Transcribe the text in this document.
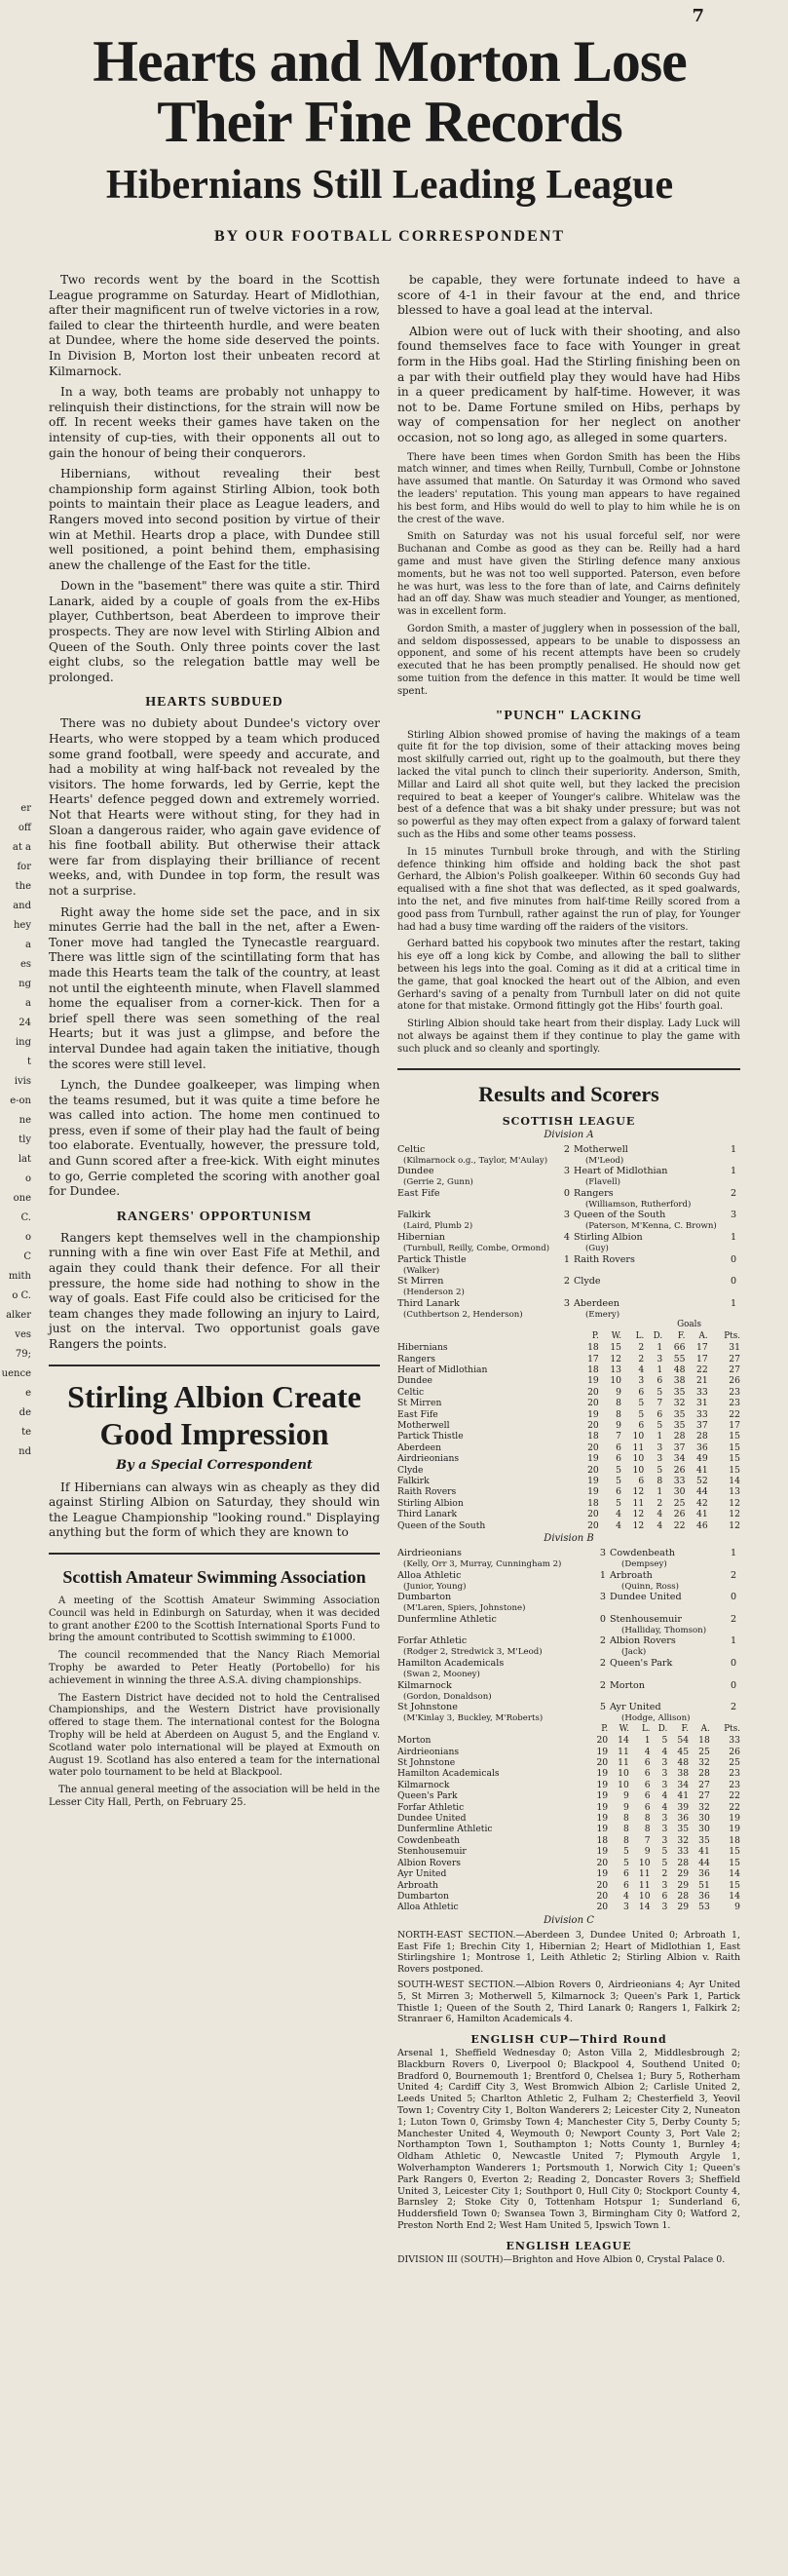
7
er
off
at a
for
the
and
hey
a
es
ng
a
24
ing
t
ivis
e-on
ne
tly
lat
o
one
C.
o
C
mith
o C.
alker
ves
79;
uence
e
de
te
nd
Hearts and Morton Lose Their Fine Records
Hibernians Still Leading League
BY OUR FOOTBALL CORRESPONDENT

Two records went by the board in the Scottish League programme on Saturday. Heart of Midlothian, after their magnificent run of twelve victories in a row, failed to clear the thirteenth hurdle, and were beaten at Dundee, where the home side deserved the points. In Division B, Morton lost their unbeaten record at Kilmarnock.

In a way, both teams are probably not unhappy to relinquish their distinctions, for the strain will now be off. In recent weeks their games have taken on the intensity of cup-ties, with their opponents all out to gain the honour of being their conquerors.

Hibernians, without revealing their best championship form against Stirling Albion, took both points to maintain their place as League leaders, and Rangers moved into second position by virtue of their win at Methil. Hearts drop a place, with Dundee still well positioned, a point behind them, emphasising anew the challenge of the East for the title.

Down in the "basement" there was quite a stir. Third Lanark, aided by a couple of goals from the ex-Hibs player, Cuthbertson, beat Aberdeen to improve their prospects. They are now level with Stirling Albion and Queen of the South. Only three points cover the last eight clubs, so the relegation battle may well be prolonged.

HEARTS SUBDUED

There was no dubiety about Dundee's victory over Hearts, who were stopped by a team which produced some grand football, were speedy and accurate, and had a mobility at wing half-back not revealed by the visitors. The home forwards, led by Gerrie, kept the Hearts' defence pegged down and extremely worried. Not that Hearts were without sting, for they had in Sloan a dangerous raider, who again gave evidence of his fine football ability. But otherwise their attack were far from displaying their brilliance of recent weeks, and, with Dundee in top form, the result was not a surprise.

Right away the home side set the pace, and in six minutes Gerrie had the ball in the net, after a Ewen-Toner move had tangled the Tynecastle rearguard. There was little sign of the scintillating form that has made this Hearts team the talk of the country, at least not until the eighteenth minute, when Flavell slammed home the equaliser from a corner-kick. Then for a brief spell there was seen something of the real Hearts; but it was just a glimpse, and before the interval Dundee had again taken the initiative, though the scores were still level.

Lynch, the Dundee goalkeeper, was limping when the teams resumed, but it was quite a time before he was called into action. The home men continued to press, even if some of their play had the fault of being too elaborate. Eventually, however, the pressure told, and Gunn scored after a free-kick. With eight minutes to go, Gerrie completed the scoring with another goal for Dundee.

RANGERS' OPPORTUNISM

Rangers kept themselves well in the championship running with a fine win over East Fife at Methil, and again they could thank their defence. For all their pressure, the home side had nothing to show in the way of goals. East Fife could also be criticised for the team changes they made following an injury to Laird, just on the interval. Two opportunist goals gave Rangers the points.

Stirling Albion Create Good Impression
By a Special Correspondent

If Hibernians can always win as cheaply as they did against Stirling Albion on Saturday, they should win the League Championship "looking round." Displaying anything but the form of which they are known to

Scottish Amateur Swimming Association

A meeting of the Scottish Amateur Swimming Association Council was held in Edinburgh on Saturday, when it was decided to grant another £200 to the Scottish International Sports Fund to bring the amount contributed to Scottish swimming to £1000.

The council recommended that the Nancy Riach Memorial Trophy be awarded to Peter Heatly (Portobello) for his achievement in winning the three A.S.A. diving championships.

The Eastern District have decided not to hold the Centralised Championships, and the Western District have provisionally offered to stage them. The international contest for the Bologna Trophy will be held at Aberdeen on August 5, and the England v. Scotland water polo international will be played at Exmouth on August 19. Scotland has also entered a team for the international water polo tournament to be held at Blackpool.

The annual general meeting of the association will be held in the Lesser City Hall, Perth, on February 25.

be capable, they were fortunate indeed to have a score of 4-1 in their favour at the end, and thrice blessed to have a goal lead at the interval.

Albion were out of luck with their shooting, and also found themselves face to face with Younger in great form in the Hibs goal. Had the Stirling finishing been on a par with their outfield play they would have had Hibs in a queer predicament by half-time. However, it was not to be. Dame Fortune smiled on Hibs, perhaps by way of compensation for her neglect on another occasion, not so long ago, as alleged in some quarters.

There have been times when Gordon Smith has been the Hibs match winner, and times when Reilly, Turnbull, Combe or Johnstone have assumed that mantle. On Saturday it was Ormond who saved the leaders' reputation. This young man appears to have regained his best form, and Hibs would do well to play to him while he is on the crest of the wave.

Smith on Saturday was not his usual forceful self, nor were Buchanan and Combe as good as they can be. Reilly had a hard game and must have given the Stirling defence many anxious moments, but he was not too well supported. Paterson, even before he was hurt, was less to the fore than of late, and Cairns definitely had an off day. Shaw was much steadier and Younger, as mentioned, was in excellent form.

Gordon Smith, a master of jugglery when in possession of the ball, and seldom dispossessed, appears to be unable to dispossess an opponent, and some of his recent attempts have been so crudely executed that he has been promptly penalised. He should now get some tuition from the defence in this matter. It would be time well spent.

"PUNCH" LACKING

Stirling Albion showed promise of having the makings of a team quite fit for the top division, some of their attacking moves being most skilfully carried out, right up to the goalmouth, but there they lacked the vital punch to clinch their superiority. Anderson, Smith, Millar and Laird all shot quite well, but they lacked the precision required to beat a keeper of Younger's calibre. Whitelaw was the best of a defence that was a bit shaky under pressure; but was not so powerful as they may often expect from a galaxy of forward talent such as the Hibs and some other teams possess.

In 15 minutes Turnbull broke through, and with the Stirling defence thinking him offside and holding back the shot past Gerhard, the Albion's Polish goalkeeper. Within 60 seconds Guy had equalised with a fine shot that was deflected, as it sped goalwards, into the net, and five minutes from half-time Reilly scored from a good pass from Turnbull, rather against the run of play, for Younger had had a busy time warding off the raiders of the visitors.

Gerhard batted his copybook two minutes after the restart, taking his eye off a long kick by Combe, and allowing the ball to slither between his legs into the goal. Coming as it did at a critical time in the game, that goal knocked the heart out of the Albion, and even Gerhard's saving of a penalty from Turnbull later on did not quite atone for that mistake. Ormond fittingly got the Hibs' fourth goal.

Stirling Albion should take heart from their display. Lady Luck will not always be against them if they continue to play the game with such pluck and so cleanly and sportingly.

Results and Scorers
SCOTTISH LEAGUE
Division A
Celtic	2	Motherwell	1
(Kilmarnock o.g., Taylor, M'Aulay)		(M'Leod)	
Dundee	3	Heart of Midlothian	1
(Gerrie 2, Gunn)		(Flavell)	
East Fife	0	Rangers	2
		(Williamson, Rutherford)	
Falkirk	3	Queen of the South	3
(Laird, Plumb 2)		(Paterson, M'Kenna, C. Brown)	
Hibernian	4	Stirling Albion	1
(Turnbull, Reilly, Combe, Ormond)		(Guy)	
Partick Thistle	1	Raith Rovers	0
(Walker)			
St Mirren	2	Clyde	0
(Henderson 2)			
Third Lanark	3	Aberdeen	1
(Cuthbertson 2, Henderson)		(Emery)	
Goals							
	P.	W.	L.	D.	F.	A.	Pts.
Hibernians	18	15	2	1	66	17	31
Rangers	17	12	2	3	55	17	27
Heart of Midlothian	18	13	4	1	48	22	27
Dundee	19	10	3	6	38	21	26
Celtic	20	9	6	5	35	33	23
St Mirren	20	8	5	7	32	31	23
East Fife	19	8	5	6	35	33	22
Motherwell	20	9	6	5	35	37	17
Partick Thistle	18	7	10	1	28	28	15
Aberdeen	20	6	11	3	37	36	15
Airdrieonians	19	6	10	3	34	49	15
Clyde	20	5	10	5	26	41	15
Falkirk	19	5	6	8	33	52	14
Raith Rovers	19	6	12	1	30	44	13
Stirling Albion	18	5	11	2	25	42	12
Third Lanark	20	4	12	4	26	41	12
Queen of the South	20	4	12	4	22	46	12
Division B
Airdrieonians	3	Cowdenbeath	1
(Kelly, Orr 3, Murray, Cunningham 2)		(Dempsey)	
Alloa Athletic	1	Arbroath	2
(Junior, Young)		(Quinn, Ross)	
Dumbarton	3	Dundee United	0
(M'Laren, Spiers, Johnstone)			
Dunfermline Athletic	0	Stenhousemuir	2
		(Halliday, Thomson)	
Forfar Athletic	2	Albion Rovers	1
(Rodger 2, Stredwick 3, M'Leod)		(Jack)	
Hamilton Academicals	2	Queen's Park	0
(Swan 2, Mooney)			
Kilmarnock	2	Morton	0
(Gordon, Donaldson)			
St Johnstone	5	Ayr United	2
(M'Kinlay 3, Buckley, M'Roberts)		(Hodge, Allison)	
	P.	W.	L.	D.	F.	A.	Pts.
Morton	20	14	1	5	54	18	33
Airdrieonians	19	11	4	4	45	25	26
St Johnstone	20	11	6	3	48	32	25
Hamilton Academicals	19	10	6	3	38	28	23
Kilmarnock	19	10	6	3	34	27	23
Queen's Park	19	9	6	4	41	27	22
Forfar Athletic	19	9	6	4	39	32	22
Dundee United	19	8	8	3	36	30	19
Dunfermline Athletic	19	8	8	3	35	30	19
Cowdenbeath	18	8	7	3	32	35	18
Stenhousemuir	19	5	9	5	33	41	15
Albion Rovers	20	5	10	5	28	44	15
Ayr United	19	6	11	2	29	36	14
Arbroath	20	6	11	3	29	51	15
Dumbarton	20	4	10	6	28	36	14
Alloa Athletic	20	3	14	3	29	53	9
Division C

NORTH-EAST SECTION.—Aberdeen 3, Dundee United 0; Arbroath 1, East Fife 1; Brechin City 1, Hibernian 2; Heart of Midlothian 1, East Stirlingshire 1; Montrose 1, Leith Athletic 2; Stirling Albion v. Raith Rovers postponed.

SOUTH-WEST SECTION.—Albion Rovers 0, Airdrieonians 4; Ayr United 5, St Mirren 3; Motherwell 5, Kilmarnock 3; Queen's Park 1, Partick Thistle 1; Queen of the South 2, Third Lanark 0; Rangers 1, Falkirk 2; Stranraer 6, Hamilton Academicals 4.

ENGLISH CUP—Third Round

Arsenal 1, Sheffield Wednesday 0; Aston Villa 2, Middlesbrough 2; Blackburn Rovers 0, Liverpool 0; Blackpool 4, Southend United 0; Bradford 0, Bournemouth 1; Brentford 0, Chelsea 1; Bury 5, Rotherham United 4; Cardiff City 3, West Bromwich Albion 2; Carlisle United 2, Leeds United 5; Charlton Athletic 2, Fulham 2; Chesterfield 3, Yeovil Town 1; Coventry City 1, Bolton Wanderers 2; Leicester City 2, Nuneaton 1; Luton Town 0, Grimsby Town 4; Manchester City 5, Derby County 5; Manchester United 4, Weymouth 0; Newport County 3, Port Vale 2; Northampton Town 1, Southampton 1; Notts County 1, Burnley 4; Oldham Athletic 0, Newcastle United 7; Plymouth Argyle 1, Wolverhampton Wanderers 1; Portsmouth 1, Norwich City 1; Queen's Park Rangers 0, Everton 2; Reading 2, Doncaster Rovers 3; Sheffield United 3, Leicester City 1; Southport 0, Hull City 0; Stockport County 4, Barnsley 2; Stoke City 0, Tottenham Hotspur 1; Sunderland 6, Huddersfield Town 0; Swansea Town 3, Birmingham City 0; Watford 2, Preston North End 2; West Ham United 5, Ipswich Town 1.

ENGLISH LEAGUE

DIVISION III (SOUTH)—Brighton and Hove Albion 0, Crystal Palace 0.
